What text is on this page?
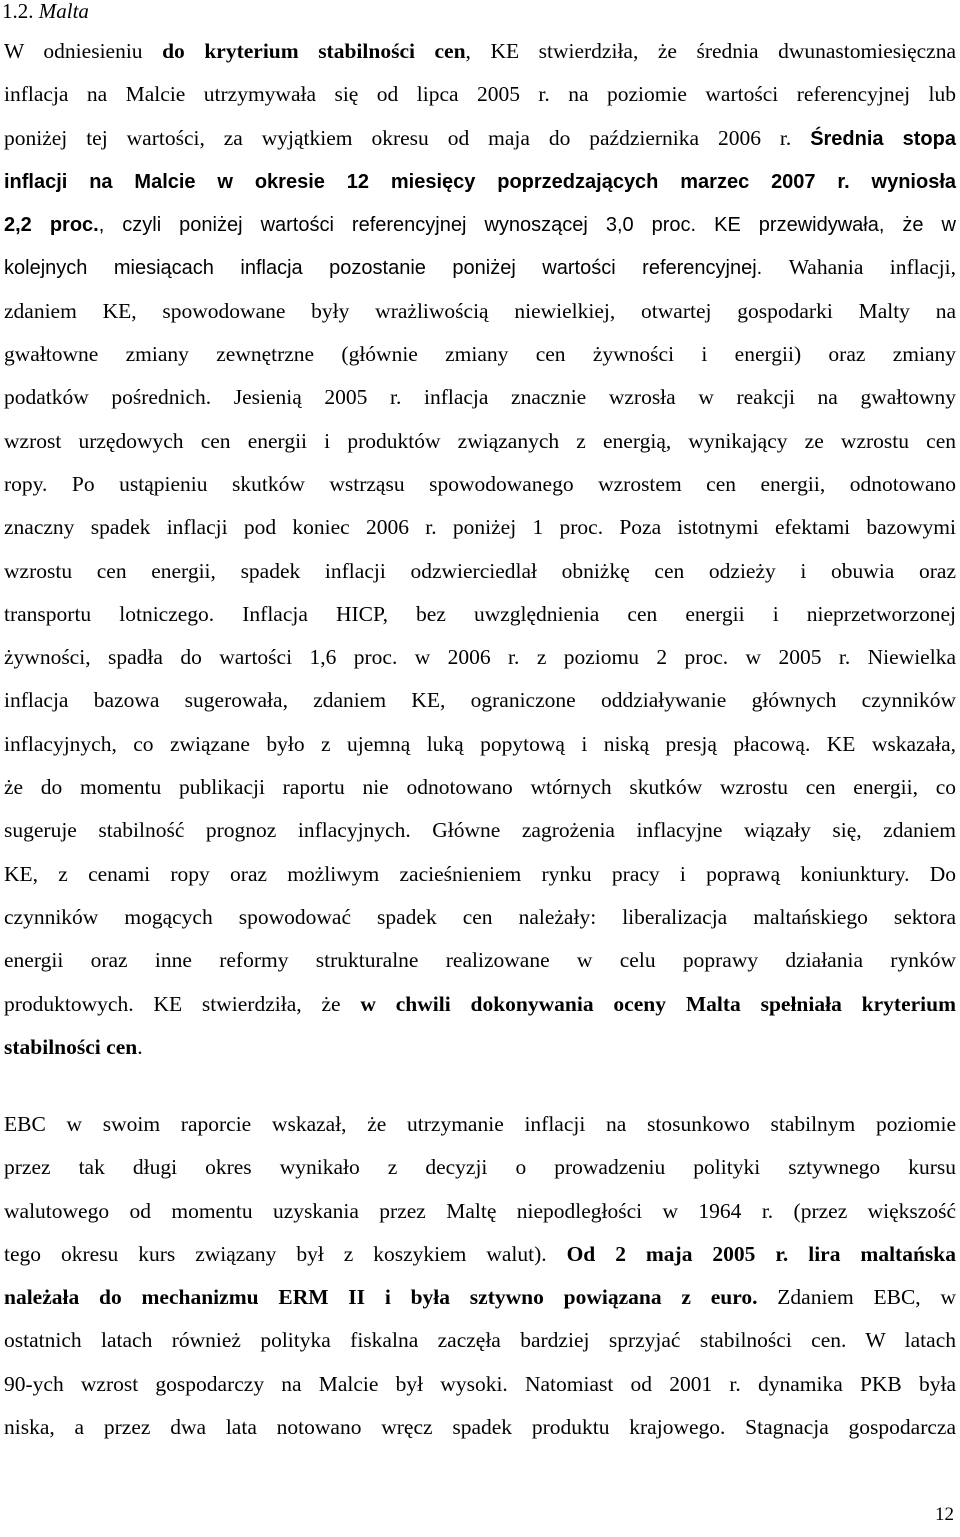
1.2. Malta
W odniesieniu do kryterium stabilności cen, KE stwierdziła, że średnia dwunastomiesięczna
inflacja na Malcie utrzymywała się od lipca 2005 r. na poziomie wartości referencyjnej lub
poniżej tej wartości, za wyjątkiem okresu od maja do października 2006 r. Średnia stopa
inflacji na Malcie w okresie 12 miesięcy poprzedzających marzec 2007 r. wyniosła
2,2 proc., czyli poniżej wartości referencyjnej wynoszącej 3,0 proc. KE przewidywała, że w
kolejnych miesiącach inflacja pozostanie poniżej wartości referencyjnej. Wahania inflacji,
zdaniem KE, spowodowane były wrażliwością niewielkiej, otwartej gospodarki Malty na
gwałtowne zmiany zewnętrzne (głównie zmiany cen żywności i energii) oraz zmiany
podatków pośrednich. Jesienią 2005 r. inflacja znacznie wzrosła w reakcji na gwałtowny
wzrost urzędowych cen energii i produktów związanych z energią, wynikający ze wzrostu cen
ropy. Po ustąpieniu skutków wstrząsu spowodowanego wzrostem cen energii, odnotowano
znaczny spadek inflacji pod koniec 2006 r. poniżej 1 proc. Poza istotnymi efektami bazowymi
wzrostu cen energii, spadek inflacji odzwierciedlał obniżkę cen odzieży i obuwia oraz
transportu lotniczego. Inflacja HICP, bez uwzględnienia cen energii i nieprzetworzonej
żywności, spadła do wartości 1,6 proc. w 2006 r. z poziomu 2 proc. w 2005 r. Niewielka
inflacja bazowa sugerowała, zdaniem KE, ograniczone oddziaływanie głównych czynników
inflacyjnych, co związane było z ujemną luką popytową i niską presją płacową. KE wskazała,
że do momentu publikacji raportu nie odnotowano wtórnych skutków wzrostu cen energii, co
sugeruje stabilność prognoz inflacyjnych. Główne zagrożenia inflacyjne wiązały się, zdaniem
KE, z cenami ropy oraz możliwym zacieśnieniem rynku pracy i poprawą koniunktury. Do
czynników mogących spowodować spadek cen należały: liberalizacja maltańskiego sektora
energii oraz inne reformy strukturalne realizowane w celu poprawy działania rynków
produktowych. KE stwierdziła, że w chwili dokonywania oceny Malta spełniała kryterium
stabilności cen.
EBC w swoim raporcie wskazał, że utrzymanie inflacji na stosunkowo stabilnym poziomie
przez tak długi okres wynikało z decyzji o prowadzeniu polityki sztywnego kursu
walutowego od momentu uzyskania przez Maltę niepodległości w 1964 r. (przez większość
tego okresu kurs związany był z koszykiem walut). Od 2 maja 2005 r. lira maltańska
należała do mechanizmu ERM II i była sztywno powiązana z euro. Zdaniem EBC, w
ostatnich latach również polityka fiskalna zaczęła bardziej sprzyjać stabilności cen. W latach
90-ych wzrost gospodarczy na Malcie był wysoki. Natomiast od 2001 r. dynamika PKB była
niska, a przez dwa lata notowano wręcz spadek produktu krajowego. Stagnacja gospodarcza

12
